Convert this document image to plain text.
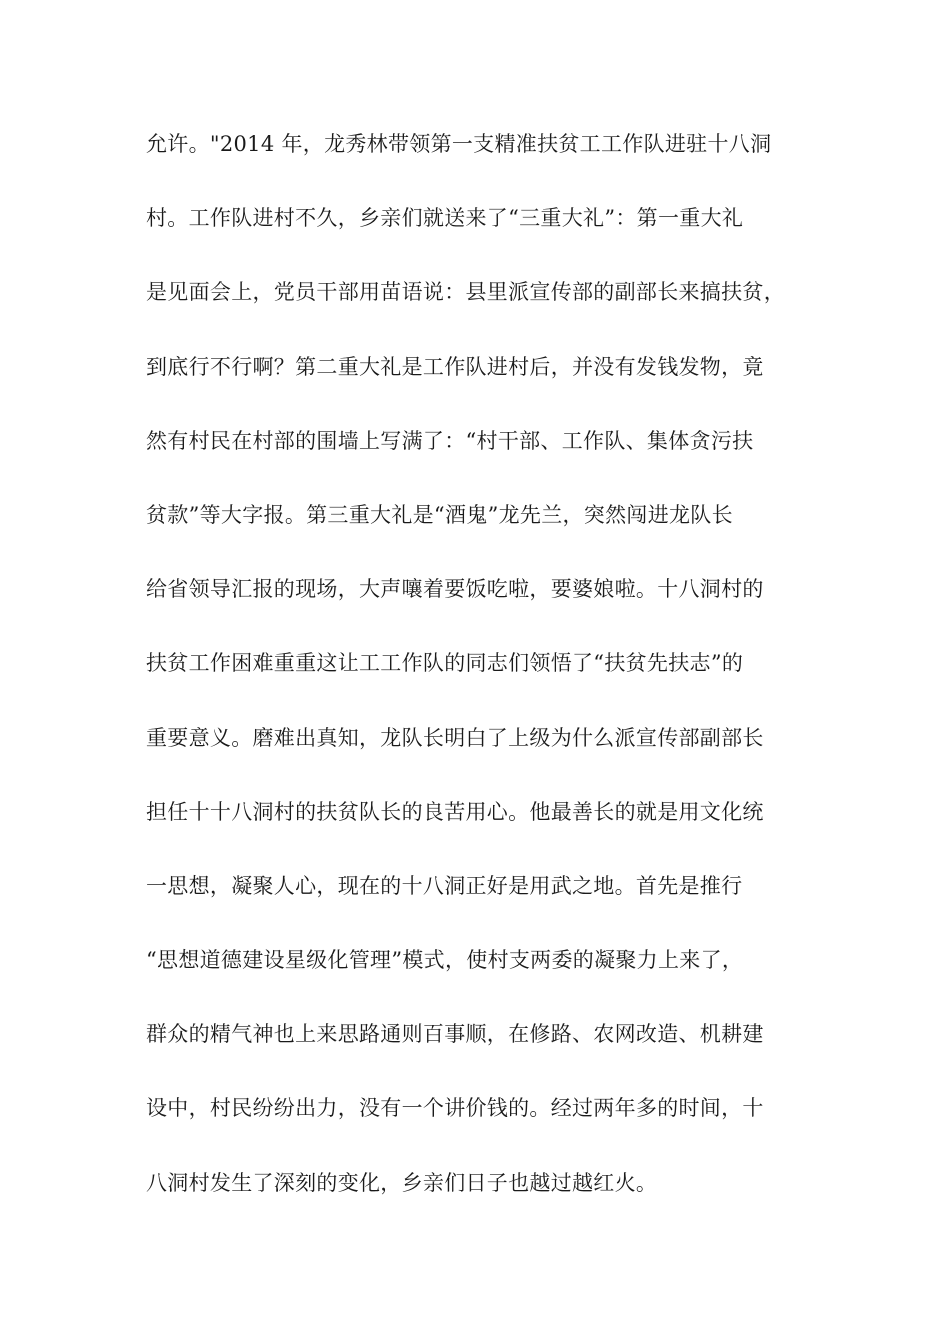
允许。"2014 年，龙秀林带领第一支精准扶贫工工作队进驻十八洞
村。工作队进村不久，乡亲们就送来了“三重大礼”：第一重大礼
是见面会上，党员干部用苗语说：县里派宣传部的副部长来搞扶贫，
到底行不行啊？第二重大礼是工作队进村后，并没有发钱发物，竟
然有村民在村部的围墙上写满了：“村干部、工作队、集体贪污扶
贫款”等大字报。第三重大礼是“酒鬼”龙先兰，突然闯进龙队长
给省领导汇报的现场，大声嚷着要饭吃啦，要婆娘啦。十八洞村的
扶贫工作困难重重这让工工作队的同志们领悟了“扶贫先扶志”的
重要意义。磨难出真知，龙队长明白了上级为什么派宣传部副部长
担任十十八洞村的扶贫队长的良苦用心。他最善长的就是用文化统
一思想，凝聚人心，现在的十八洞正好是用武之地。首先是推行
“思想道德建设星级化管理”模式，使村支两委的凝聚力上来了，
群众的精气神也上来思路通则百事顺，在修路、农网改造、机耕建
设中，村民纷纷出力，没有一个讲价钱的。经过两年多的时间，十
八洞村发生了深刻的变化，乡亲们日子也越过越红火。
